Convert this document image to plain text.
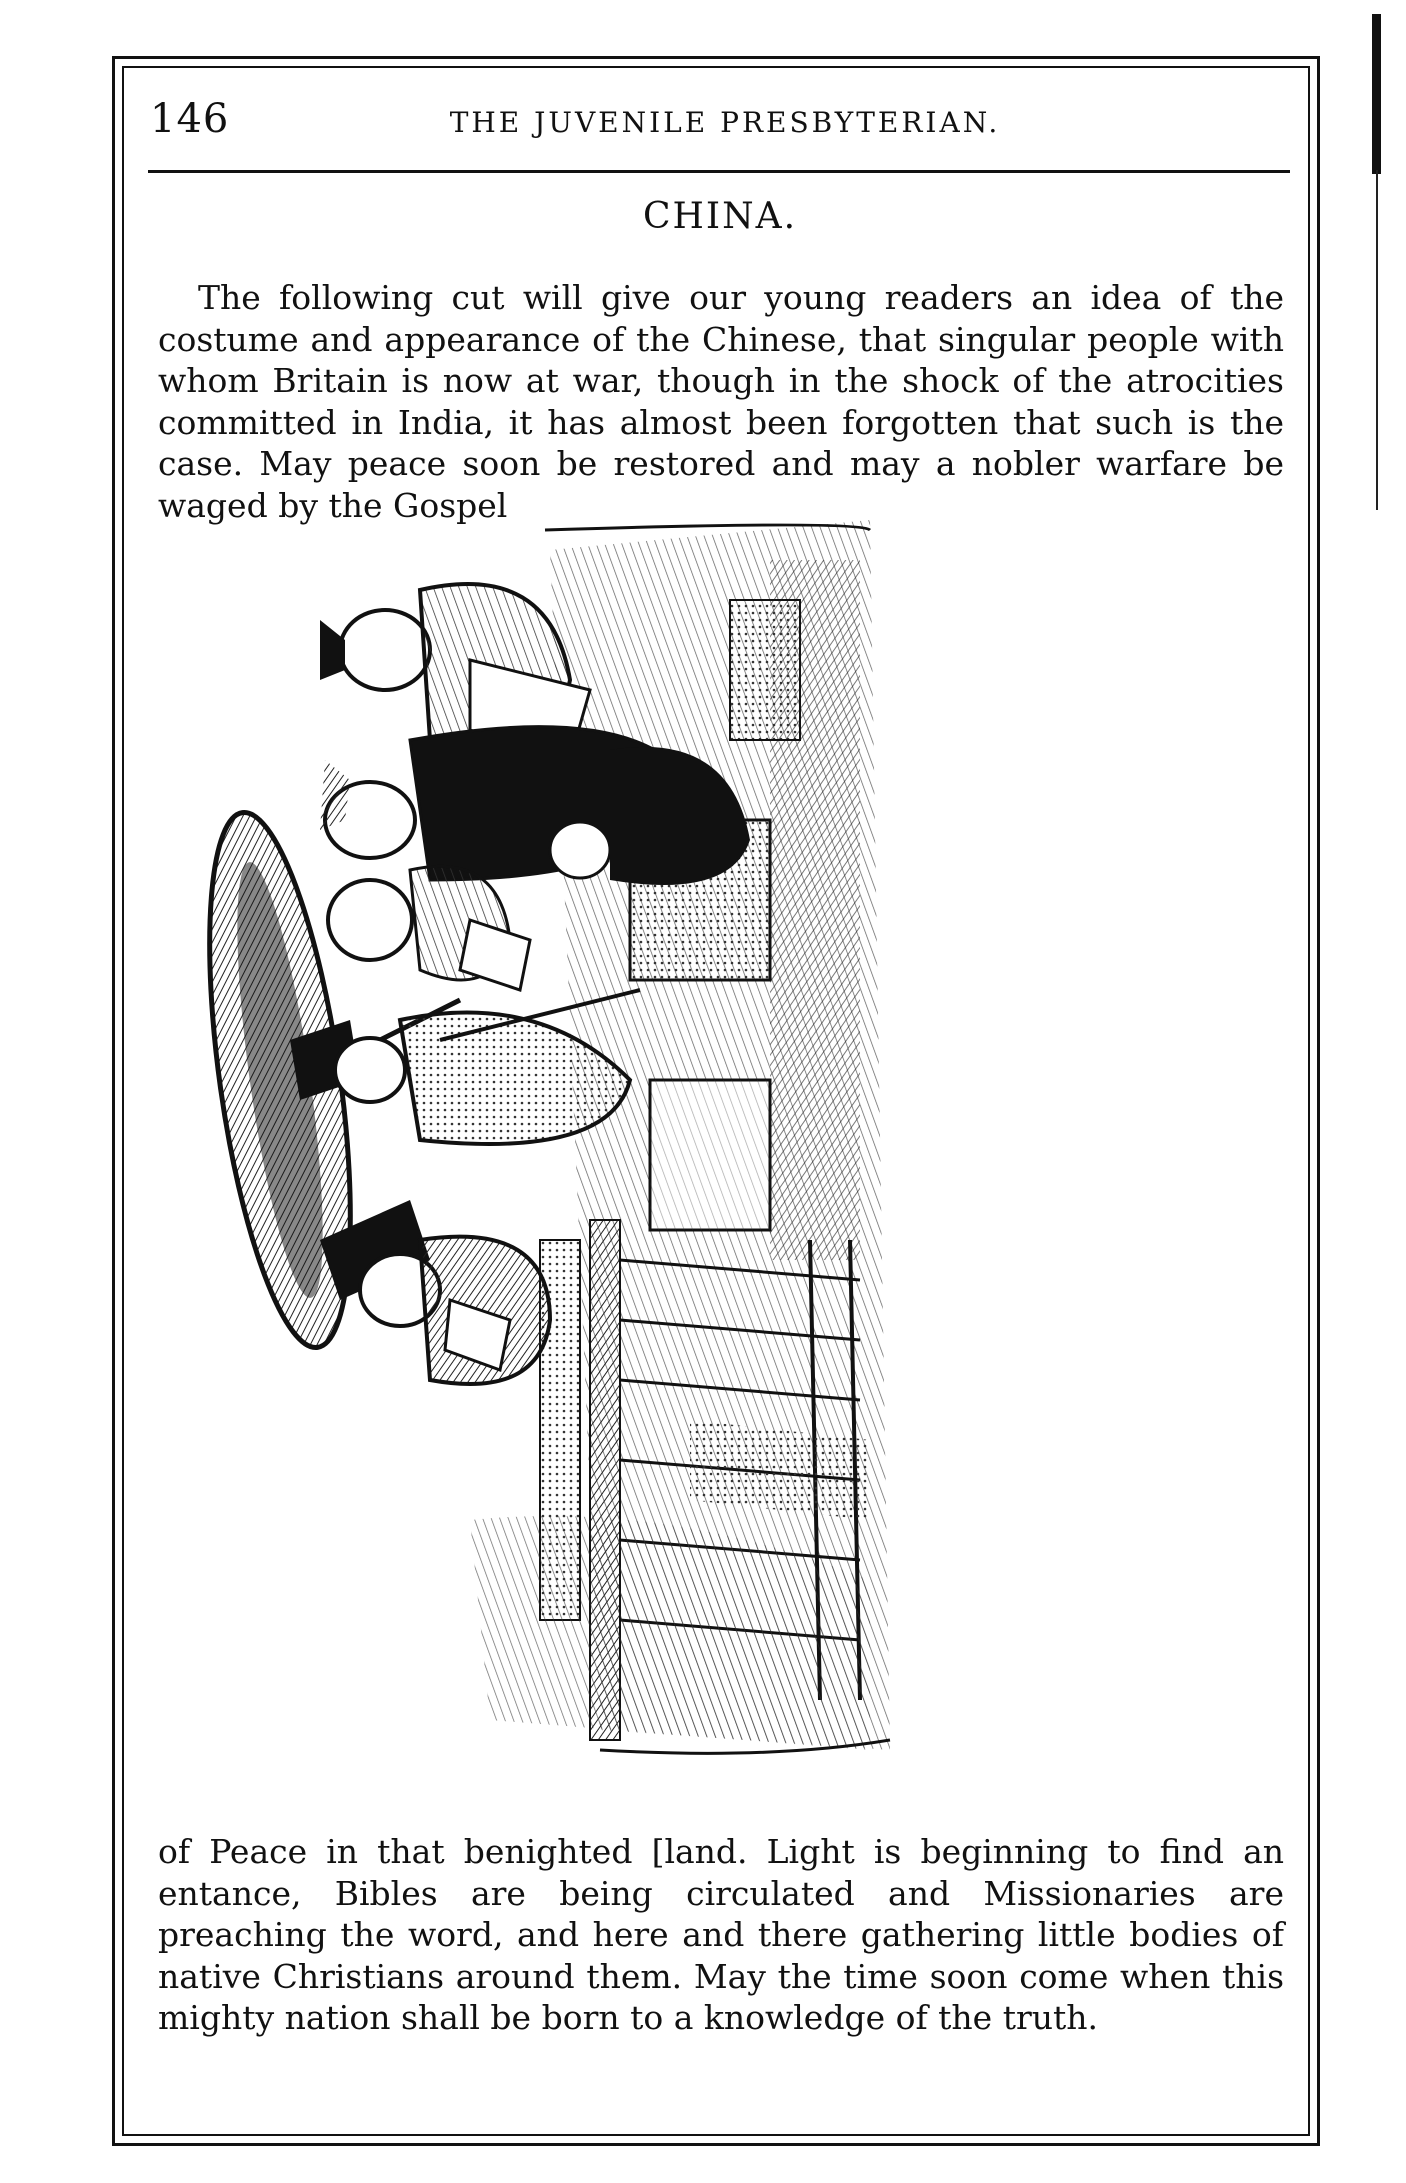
146	THE JUVENILE PRESBYTERIAN.
CHINA.

The following cut will give our young readers an idea of the costume and appearance of the Chinese, that singular people with whom Britain is now at war, though in the shock of the atrocities committed in India, it has almost been forgotten that such is the case. May peace soon be restored and may a nobler warfare be waged by the Gospel

of Peace in that benighted [land. Light is beginning to find an entance, Bibles are being circulated and Missionaries are preaching the word, and here and there gathering little bodies of native Christians around them. May the time soon come when this mighty nation shall be born to a knowledge of the truth.
